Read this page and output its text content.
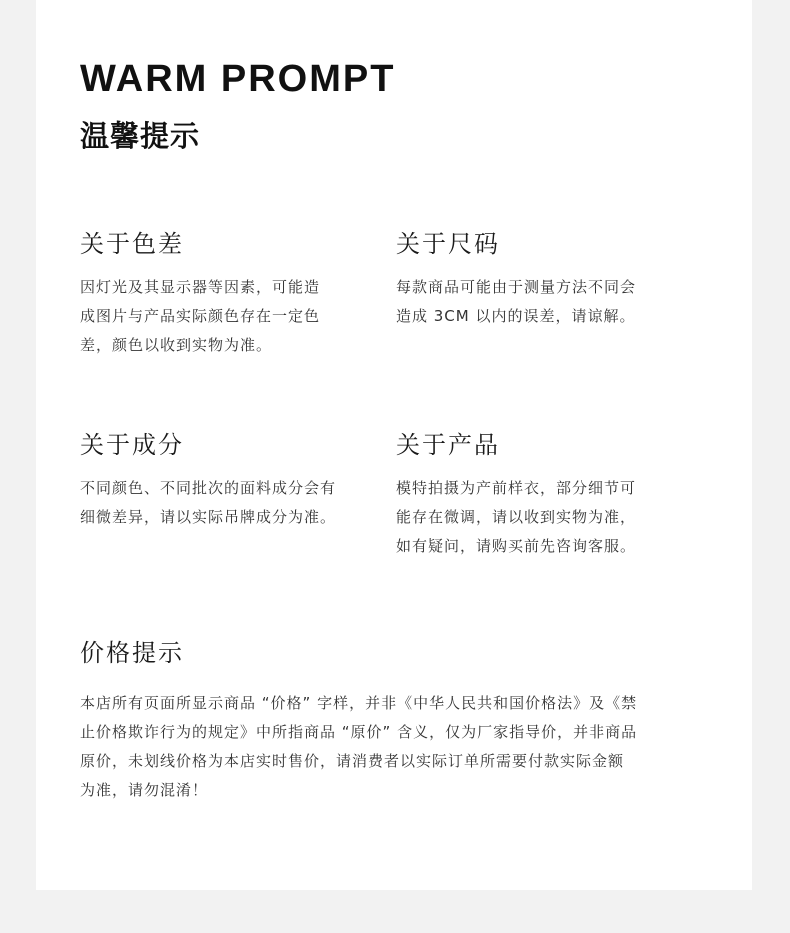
WARM PROMPT
温馨提示
关于色差
因灯光及其显示器等因素，可能造
成图片与产品实际颜色存在一定色
差，颜色以收到实物为准。
关于尺码
每款商品可能由于测量方法不同会
造成 3CM 以内的误差，请谅解。
关于成分
不同颜色、不同批次的面料成分会有
细微差异，请以实际吊牌成分为准。
关于产品
模特拍摄为产前样衣，部分细节可
能存在微调，请以收到实物为准，
如有疑问，请购买前先咨询客服。
价格提示
本店所有页面所显示商品 “价格” 字样，并非《中华人民共和国价格法》及《禁
止价格欺诈行为的规定》中所指商品 “原价” 含义，仅为厂家指导价，并非商品
原价，未划线价格为本店实时售价，请消费者以实际订单所需要付款实际金额
为准，请勿混淆！
